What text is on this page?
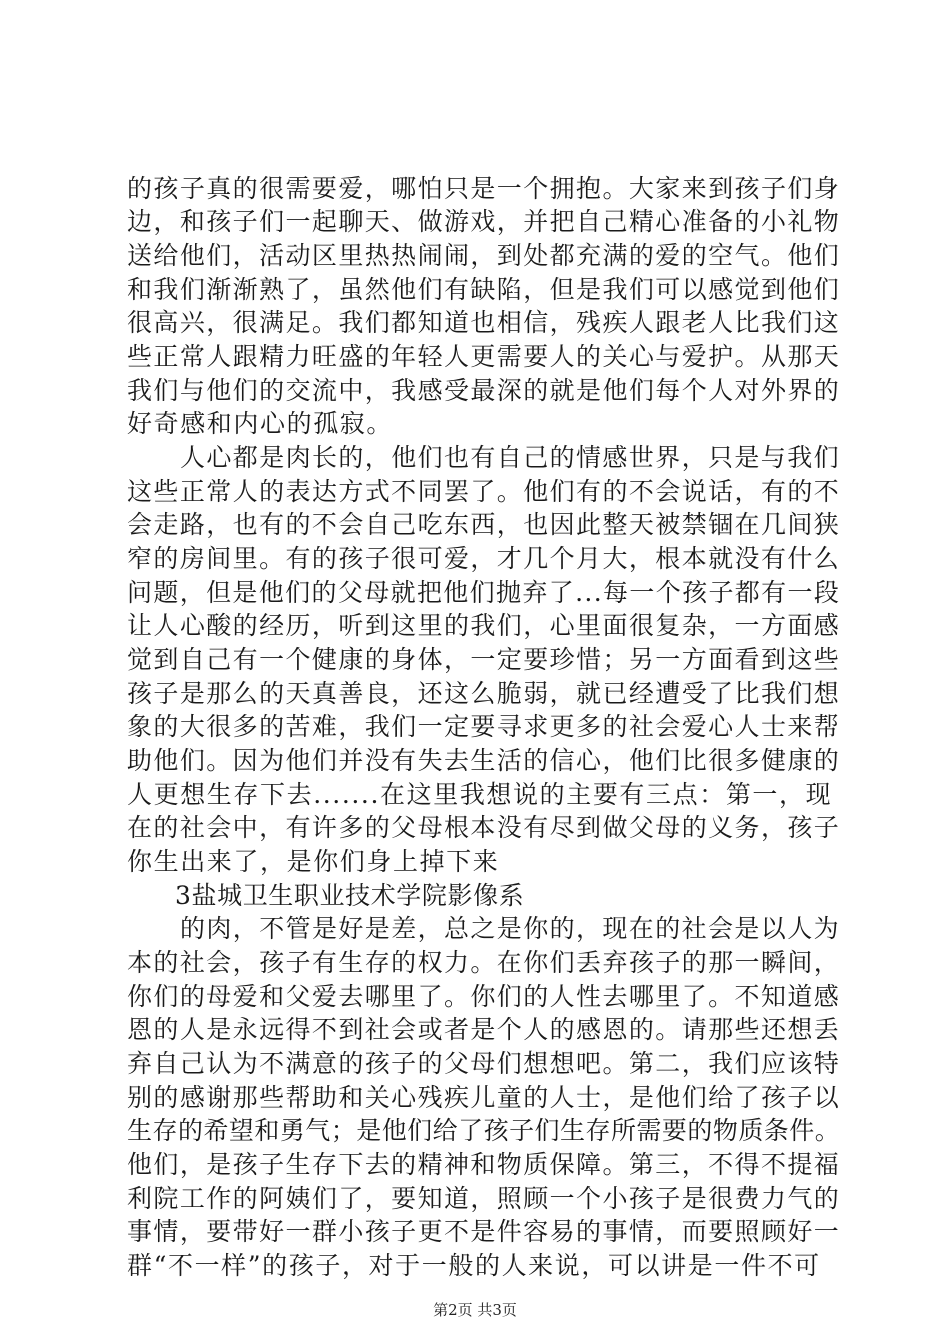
的孩子真的很需要爱，哪怕只是一个拥抱。大家来到孩子们身
边，和孩子们一起聊天、做游戏，并把自己精心准备的小礼物
送给他们，活动区里热热闹闹，到处都充满的爱的空气。他们
和我们渐渐熟了，虽然他们有缺陷，但是我们可以感觉到他们
很高兴，很满足。我们都知道也相信，残疾人跟老人比我们这
些正常人跟精力旺盛的年轻人更需要人的关心与爱护。从那天
我们与他们的交流中，我感受最深的就是他们每个人对外界的
好奇感和内心的孤寂。
人心都是肉长的，他们也有自己的情感世界，只是与我们
这些正常人的表达方式不同罢了。他们有的不会说话，有的不
会走路，也有的不会自己吃东西，也因此整天被禁锢在几间狭
窄的房间里。有的孩子很可爱，才几个月大，根本就没有什么
问题，但是他们的父母就把他们抛弃了...每一个孩子都有一段
让人心酸的经历，听到这里的我们，心里面很复杂，一方面感
觉到自己有一个健康的身体，一定要珍惜；另一方面看到这些
孩子是那么的天真善良，还这么脆弱，就已经遭受了比我们想
象的大很多的苦难，我们一定要寻求更多的社会爱心人士来帮
助他们。因为他们并没有失去生活的信心，他们比很多健康的
人更想生存下去.......在这里我想说的主要有三点：第一，现
在的社会中，有许多的父母根本没有尽到做父母的义务，孩子
你生出来了，是你们身上掉下来
3盐城卫生职业技术学院影像系
的肉，不管是好是差，总之是你的，现在的社会是以人为
本的社会，孩子有生存的权力。在你们丢弃孩子的那一瞬间，
你们的母爱和父爱去哪里了。你们的人性去哪里了。不知道感
恩的人是永远得不到社会或者是个人的感恩的。请那些还想丢
弃自己认为不满意的孩子的父母们想想吧。第二，我们应该特
别的感谢那些帮助和关心残疾儿童的人士，是他们给了孩子以
生存的希望和勇气；是他们给了孩子们生存所需要的物质条件。
他们，是孩子生存下去的精神和物质保障。第三，不得不提福
利院工作的阿姨们了，要知道，照顾一个小孩子是很费力气的
事情，要带好一群小孩子更不是件容易的事情，而要照顾好一
群“不一样”的孩子，对于一般的人来说，可以讲是一件不可
第2页 共3页
